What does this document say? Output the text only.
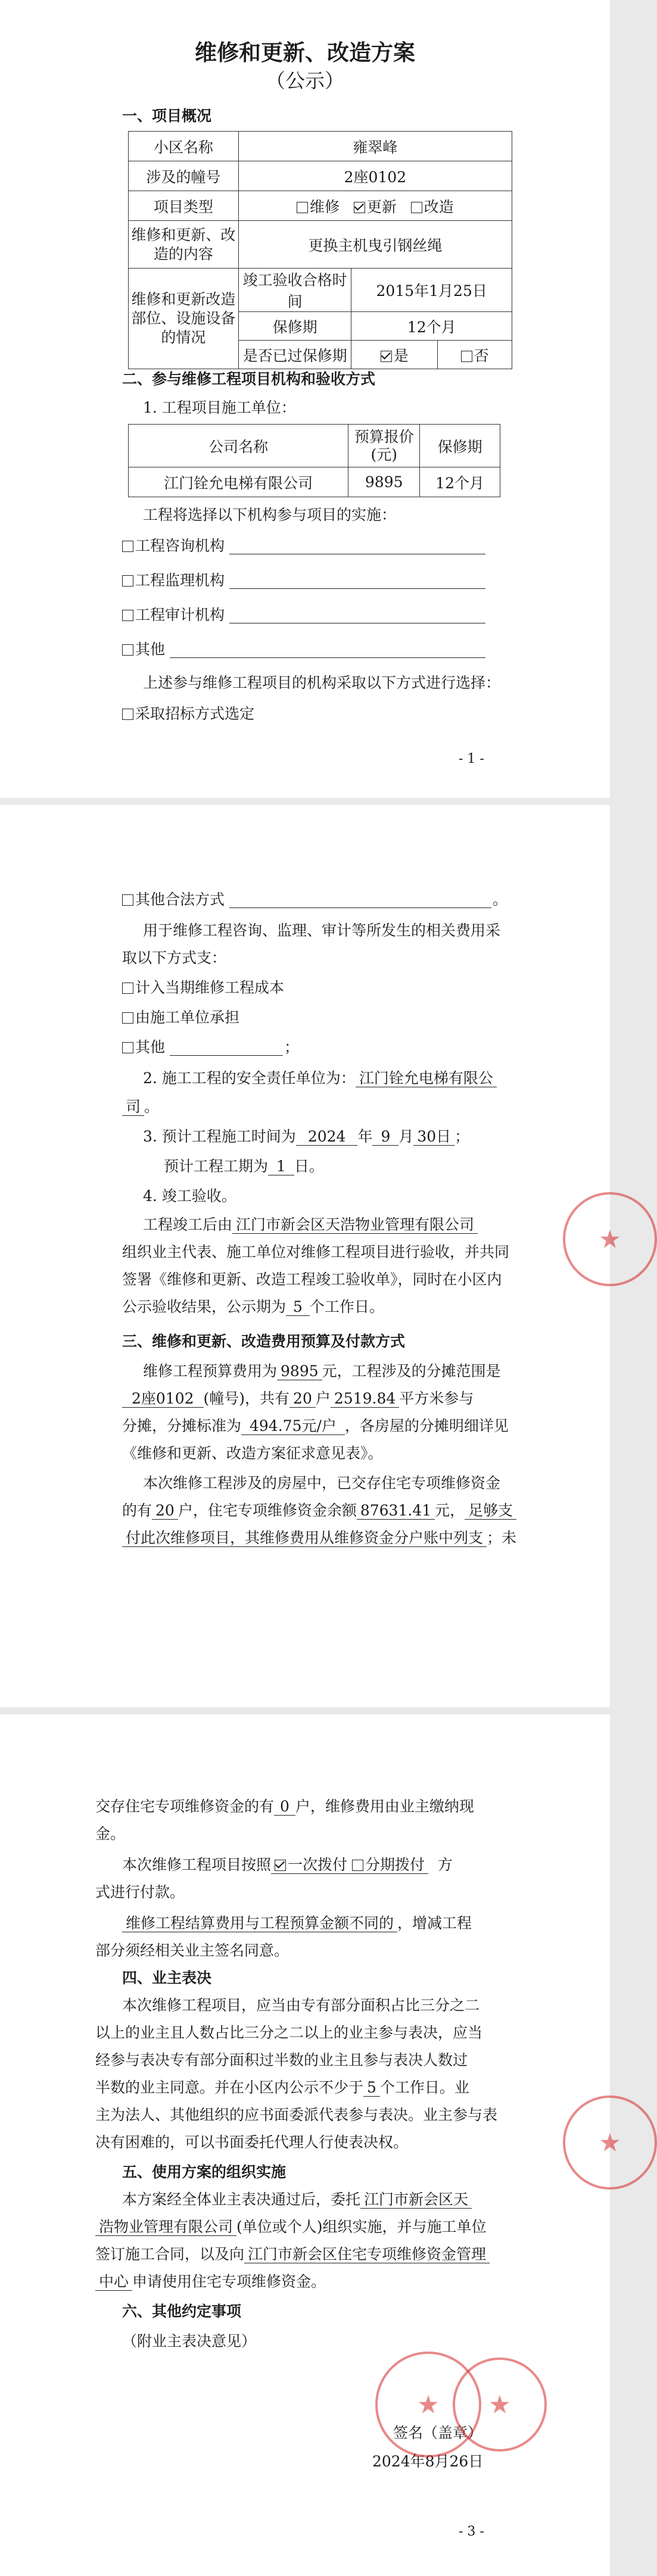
维修和更新、改造方案
（公示）
一、项目概况
小区名称	雍翠峰		
涉及的幢号	2座0102		
项目类型	维修 更新 改造		
维修和更新、改造的内容	更换主机曳引钢丝绳		
维修和更新改造部位、设施设备的情况	竣工验收合格时间	2015年1月25日	
	保修期	12个月	
	是否已过保修期	是	否
二、参与维修工程项目机构和验收方式
1. 工程项目施工单位：
公司名称	预算报价(元)	保修期
江门铨允电梯有限公司	9895	12个月
工程将选择以下机构参与项目的实施：
工程咨询机构
工程监理机构
工程审计机构
其他
上述参与维修工程项目的机构采取以下方式进行选择：
采取招标方式选定
- 1 -
其他合法方式	。
用于维修工程咨询、监理、审计等所发生的相关费用采
取以下方式支：
计入当期维修工程成本
由施工单位承担
其他	；
2. 施工工程的安全责任单位为： 江门铨允电梯有限公
司 。
3. 预计工程施工时间为 2024 年 9 月 30日 ；
预计工程工期为 1 日。
4. 竣工验收。
工程竣工后由 江门市新会区天浩物业管理有限公司
组织业主代表、施工单位对维修工程项目进行验收，并共同
签署《维修和更新、改造工程竣工验收单》，同时在小区内
公示验收结果，公示期为 5 个工作日。
三、维修和更新、改造费用预算及付款方式
维修工程预算费用为 9895 元，工程涉及的分摊范围是
2座0102 (幢号)，共有 20 户 2519.84 平方米参与
分摊，分摊标准为 494.75元/户 ，各房屋的分摊明细详见
《维修和更新、改造方案征求意见表》。
本次维修工程涉及的房屋中，已交存住宅专项维修资金
的有 20 户，住宅专项维修资金余额 87631.41 元， 足够支
付此次维修项目，其维修费用从维修资金分户账中列支 ；未
★
交存住宅专项维修资金的有 0 户，维修费用由业主缴纳现
金。
本次维修工程项目按照 一次拨付 分期拨付 方
式进行付款。
维修工程结算费用与工程预算金额不同的 ，增减工程
部分须经相关业主签名同意。
四、业主表决
本次维修工程项目，应当由专有部分面积占比三分之二
以上的业主且人数占比三分之二以上的业主参与表决，应当
经参与表决专有部分面积过半数的业主且参与表决人数过
半数的业主同意。并在小区内公示不少于 5 个工作日。业
主为法人、其他组织的应书面委派代表参与表决。业主参与表
决有困难的，可以书面委托代理人行使表决权。
五、使用方案的组织实施
本方案经全体业主表决通过后，委托 江门市新会区天
浩物业管理有限公司 (单位或个人)组织实施，并与施工单位
签订施工合同，以及向 江门市新会区住宅专项维修资金管理
中心 申请使用住宅专项维修资金。
六、其他约定事项
（附业主表决意见）
签名（盖章）
2024年8月26日
★ ★
★
- 3 -
